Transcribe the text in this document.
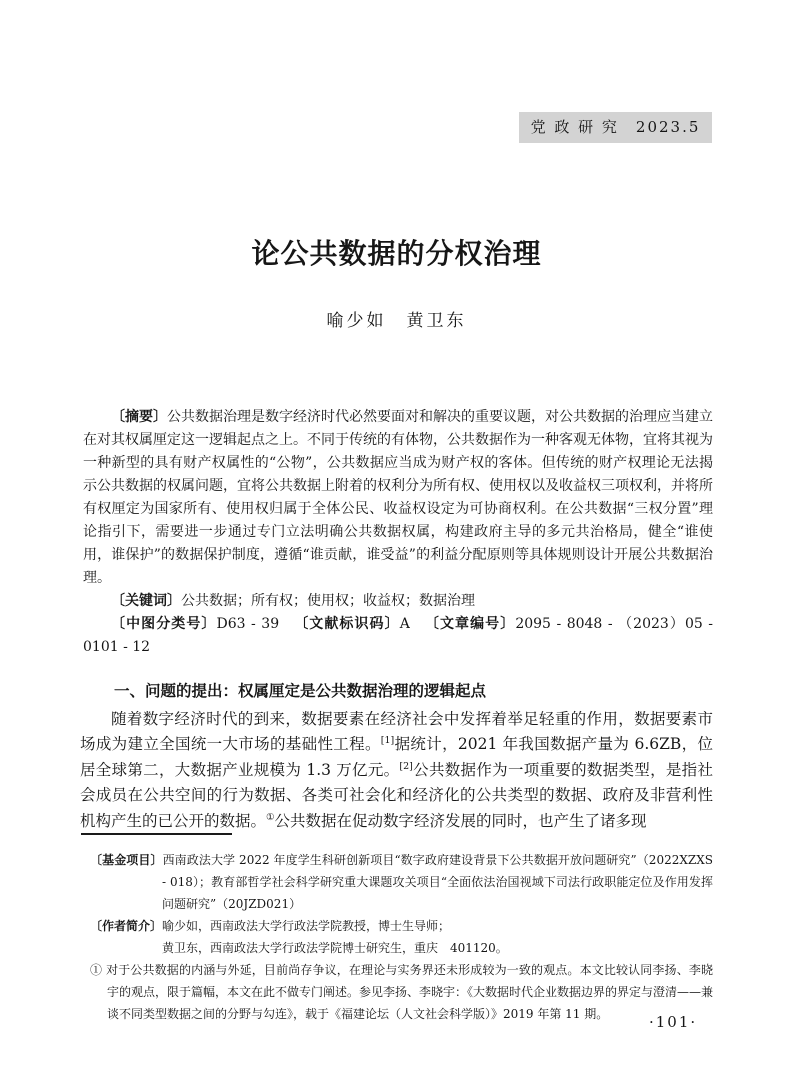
党 政 研 究　2023.5
论公共数据的分权治理
喻少如　黄卫东

〔摘要〕公共数据治理是数字经济时代必然要面对和解决的重要议题，对公共数据的治理应当建立在对其权属厘定这一逻辑起点之上。不同于传统的有体物，公共数据作为一种客观无体物，宜将其视为一种新型的具有财产权属性的“公物”，公共数据应当成为财产权的客体。但传统的财产权理论无法揭示公共数据的权属问题，宜将公共数据上附着的权利分为所有权、使用权以及收益权三项权利，并将所有权厘定为国家所有、使用权归属于全体公民、收益权设定为可协商权利。在公共数据“三权分置”理论指引下，需要进一步通过专门立法明确公共数据权属，构建政府主导的多元共治格局，健全“谁使用，谁保护”的数据保护制度，遵循“谁贡献，谁受益”的利益分配原则等具体规则设计开展公共数据治理。

〔关键词〕公共数据；所有权；使用权；收益权；数据治理

〔中图分类号〕D63 - 39 〔文献标识码〕A 〔文章编号〕2095 - 8048 - （2023）05 - 0101 - 12

一、问题的提出：权属厘定是公共数据治理的逻辑起点
随着数字经济时代的到来，数据要素在经济社会中发挥着举足轻重的作用，数据要素市场成为建立全国统一大市场的基础性工程。[1]据统计，2021 年我国数据产量为 6.6ZB，位居全球第二，大数据产业规模为 1.3 万亿元。[2]公共数据作为一项重要的数据类型，是指社会成员在公共空间的行为数据、各类可社会化和经济化的公共类型的数据、政府及非营利性机构产生的已公开的数据。①公共数据在促动数字经济发展的同时，也产生了诸多现
〔基金项目〕西南政法大学 2022 年度学生科研创新项目“数字政府建设背景下公共数据开放问题研究”（2022XZXS - 018）；教育部哲学社会科学研究重大课题攻关项目“全面依法治国视域下司法行政职能定位及作用发挥问题研究”（20JZD021）
〔作者简介〕喻少如，西南政法大学行政法学院教授，博士生导师；
黄卫东，西南政法大学行政法学院博士研究生，重庆　401120。
① 对于公共数据的内涵与外延，目前尚存争议，在理论与实务界还未形成较为一致的观点。本文比较认同李扬、李晓宇的观点，限于篇幅，本文在此不做专门阐述。参见李扬、李晓宇：《大数据时代企业数据边界的界定与澄清——兼谈不同类型数据之间的分野与勾连》，载于《福建论坛（人文社会科学版）》2019 年第 11 期。	·101·
